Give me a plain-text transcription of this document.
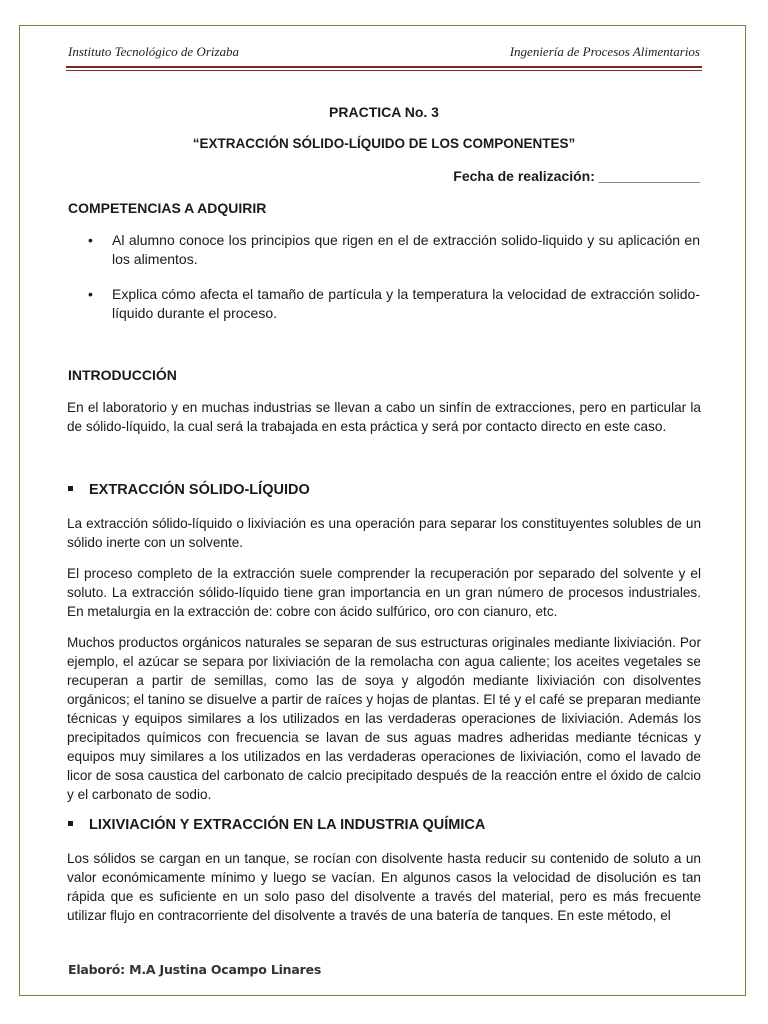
Instituto Tecnológico de Orizaba	Ingeniería de Procesos Alimentarios
PRACTICA No. 3
“EXTRACCIÓN SÓLIDO-LÍQUIDO DE LOS COMPONENTES”
Fecha de realización: _____________
COMPETENCIAS A ADQUIRIR
• Al alumno conoce los principios que rigen en el de extracción solido-liquido y su aplicación en los alimentos.
• Explica cómo afecta el tamaño de partícula y la temperatura la velocidad de extracción solido-líquido durante el proceso.
INTRODUCCIÓN
En el laboratorio y en muchas industrias se llevan a cabo un sinfín de extracciones, pero en particular la de sólido-líquido, la cual será la trabajada en esta práctica y será por contacto directo en este caso.
EXTRACCIÓN SÓLIDO-LÍQUIDO
La extracción sólido-líquido o lixiviación es una operación para separar los constituyentes solubles de un sólido inerte con un solvente.
El proceso completo de la extracción suele comprender la recuperación por separado del solvente y el soluto. La extracción sólido-líquido tiene gran importancia en un gran número de procesos industriales. En metalurgia en la extracción de: cobre con ácido sulfúrico, oro con cianuro, etc.
Muchos productos orgánicos naturales se separan de sus estructuras originales mediante lixiviación. Por ejemplo, el azúcar se separa por lixiviación de la remolacha con agua caliente; los aceites vegetales se recuperan a partir de semillas, como las de soya y algodón mediante lixiviación con disolventes orgánicos; el tanino se disuelve a partir de raíces y hojas de plantas. El té y el café se preparan mediante técnicas y equipos similares a los utilizados en las verdaderas operaciones de lixiviación. Además los precipitados químicos con frecuencia se lavan de sus aguas madres adheridas mediante técnicas y equipos muy similares a los utilizados en las verdaderas operaciones de lixiviación, como el lavado de licor de sosa caustica del carbonato de calcio precipitado después de la reacción entre el óxido de calcio y el carbonato de sodio.
LIXIVIACIÓN Y EXTRACCIÓN EN LA INDUSTRIA QUÍMICA
Los sólidos se cargan en un tanque, se rocían con disolvente hasta reducir su contenido de soluto a un valor económicamente mínimo y luego se vacían. En algunos casos la velocidad de disolución es tan rápida que es suficiente en un solo paso del disolvente a través del material, pero es más frecuente utilizar flujo en contracorriente del disolvente a través de una batería de tanques. En este método, el
Elaboró: M.A Justina Ocampo Linares
